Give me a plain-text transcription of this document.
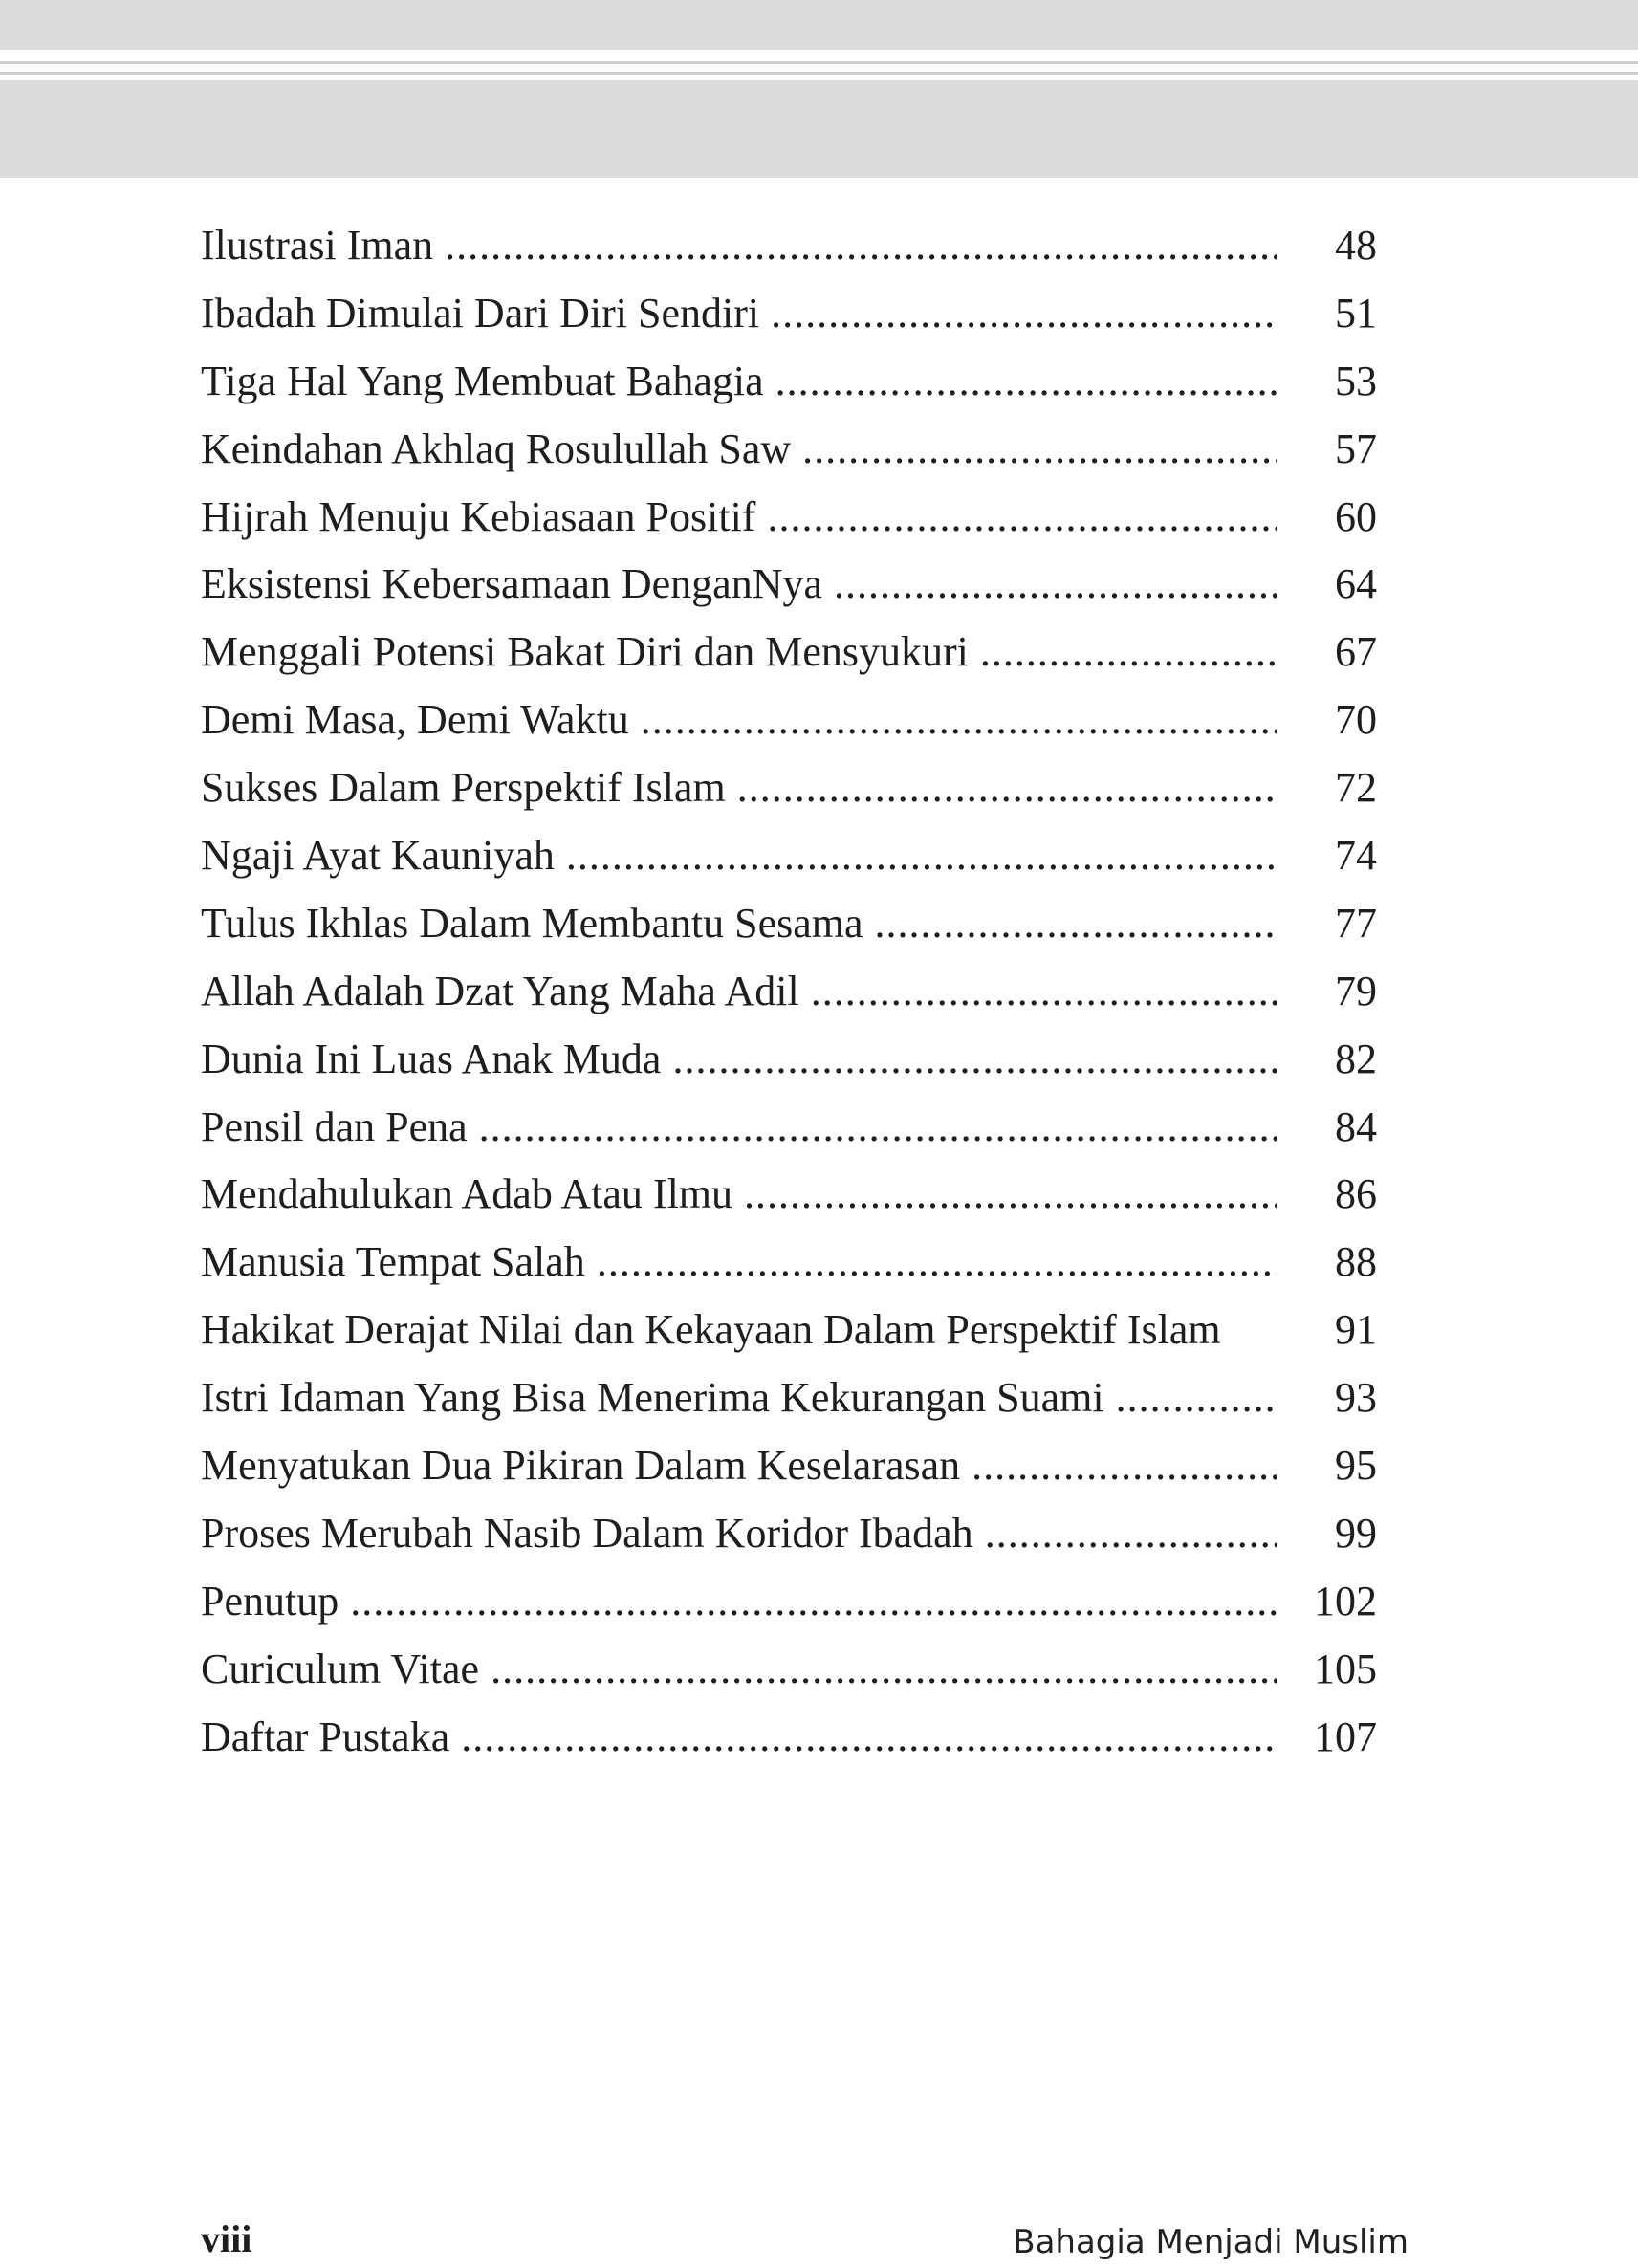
Ilustrasi Iman .....	48
Ibadah Dimulai Dari Diri Sendiri .....	51
Tiga Hal Yang Membuat Bahagia .....	53
Keindahan Akhlaq Rosulullah Saw .....	57
Hijrah Menuju Kebiasaan Positif .....	60
Eksistensi Kebersamaan DenganNya .....	64
Menggali Potensi Bakat Diri dan Mensyukuri .....	67
Demi Masa, Demi Waktu .....	70
Sukses Dalam Perspektif Islam .....	72
Ngaji Ayat Kauniyah .....	74
Tulus Ikhlas Dalam Membantu Sesama .....	77
Allah Adalah Dzat Yang Maha Adil .....	79
Dunia Ini Luas Anak Muda .....	82
Pensil dan Pena .....	84
Mendahulukan Adab Atau Ilmu .....	86
Manusia Tempat Salah .....	88
Hakikat Derajat Nilai dan Kekayaan Dalam Perspektif Islam	91
Istri Idaman Yang Bisa Menerima Kekurangan Suami .....	93
Menyatukan Dua Pikiran Dalam Keselarasan .....	95
Proses Merubah Nasib Dalam Koridor Ibadah .....	99
Penutup .....	102
Curiculum Vitae .....	105
Daftar Pustaka .....	107
viii	Bahagia Menjadi Muslim
